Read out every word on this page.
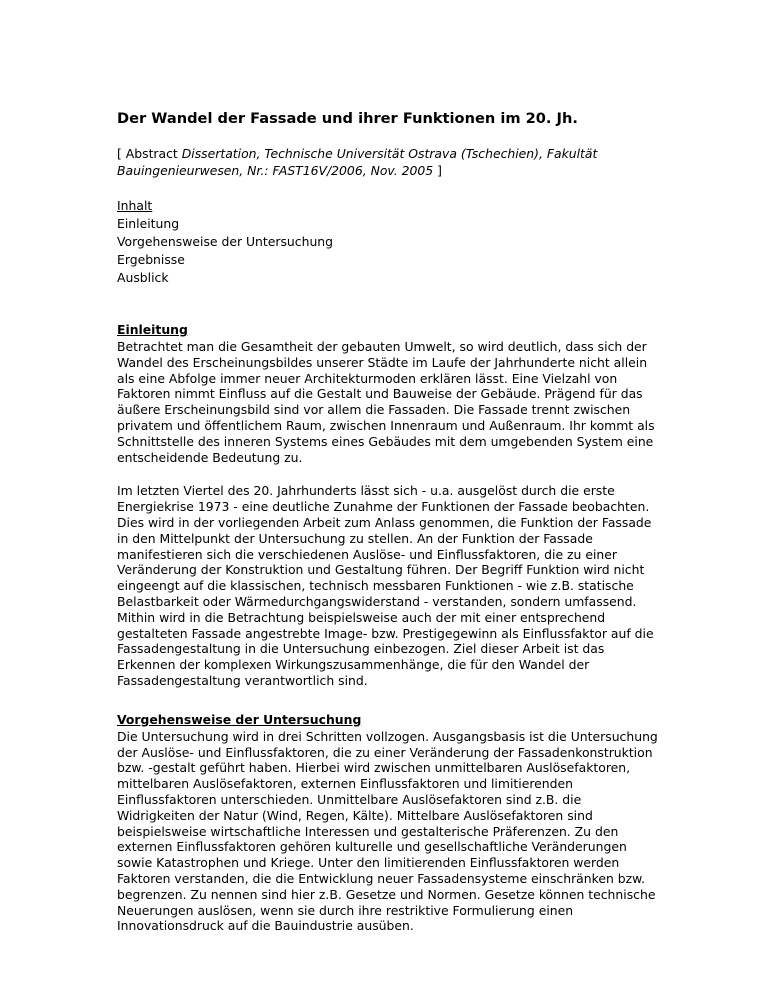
Der Wandel der Fassade und ihrer Funktionen im 20. Jh.
[ Abstract Dissertation, Technische Universität Ostrava (Tschechien), Fakultät
Bauingenieurwesen, Nr.: FAST16V/2006, Nov. 2005 ]
Inhalt
Einleitung
Vorgehensweise der Untersuchung
Ergebnisse
Ausblick
Einleitung

Betrachtet man die Gesamtheit der gebauten Umwelt, so wird deutlich, dass sich der
Wandel des Erscheinungsbildes unserer Städte im Laufe der Jahrhunderte nicht allein
als eine Abfolge immer neuer Architekturmoden erklären lässt. Eine Vielzahl von
Faktoren nimmt Einfluss auf die Gestalt und Bauweise der Gebäude. Prägend für das
äußere Erscheinungsbild sind vor allem die Fassaden. Die Fassade trennt zwischen
privatem und öffentlichem Raum, zwischen Innenraum und Außenraum. Ihr kommt als
Schnittstelle des inneren Systems eines Gebäudes mit dem umgebenden System eine
entscheidende Bedeutung zu.

Im letzten Viertel des 20. Jahrhunderts lässt sich - u.a. ausgelöst durch die erste
Energiekrise 1973 - eine deutliche Zunahme der Funktionen der Fassade beobachten.
Dies wird in der vorliegenden Arbeit zum Anlass genommen, die Funktion der Fassade
in den Mittelpunkt der Untersuchung zu stellen. An der Funktion der Fassade
manifestieren sich die verschiedenen Auslöse- und Einflussfaktoren, die zu einer
Veränderung der Konstruktion und Gestaltung führen. Der Begriff Funktion wird nicht
eingeengt auf die klassischen, technisch messbaren Funktionen - wie z.B. statische
Belastbarkeit oder Wärmedurchgangswiderstand - verstanden, sondern umfassend.
Mithin wird in die Betrachtung beispielsweise auch der mit einer entsprechend
gestalteten Fassade angestrebte Image- bzw. Prestigegewinn als Einflussfaktor auf die
Fassadengestaltung in die Untersuchung einbezogen. Ziel dieser Arbeit ist das
Erkennen der komplexen Wirkungszusammenhänge, die für den Wandel der
Fassadengestaltung verantwortlich sind.

Vorgehensweise der Untersuchung

Die Untersuchung wird in drei Schritten vollzogen. Ausgangsbasis ist die Untersuchung
der Auslöse- und Einflussfaktoren, die zu einer Veränderung der Fassadenkonstruktion
bzw. -gestalt geführt haben. Hierbei wird zwischen unmittelbaren Auslösefaktoren,
mittelbaren Auslösefaktoren, externen Einflussfaktoren und limitierenden
Einflussfaktoren unterschieden. Unmittelbare Auslösefaktoren sind z.B. die
Widrigkeiten der Natur (Wind, Regen, Kälte). Mittelbare Auslösefaktoren sind
beispielsweise wirtschaftliche Interessen und gestalterische Präferenzen. Zu den
externen Einflussfaktoren gehören kulturelle und gesellschaftliche Veränderungen
sowie Katastrophen und Kriege. Unter den limitierenden Einflussfaktoren werden
Faktoren verstanden, die die Entwicklung neuer Fassadensysteme einschränken bzw.
begrenzen. Zu nennen sind hier z.B. Gesetze und Normen. Gesetze können technische
Neuerungen auslösen, wenn sie durch ihre restriktive Formulierung einen
Innovationsdruck auf die Bauindustrie ausüben.
